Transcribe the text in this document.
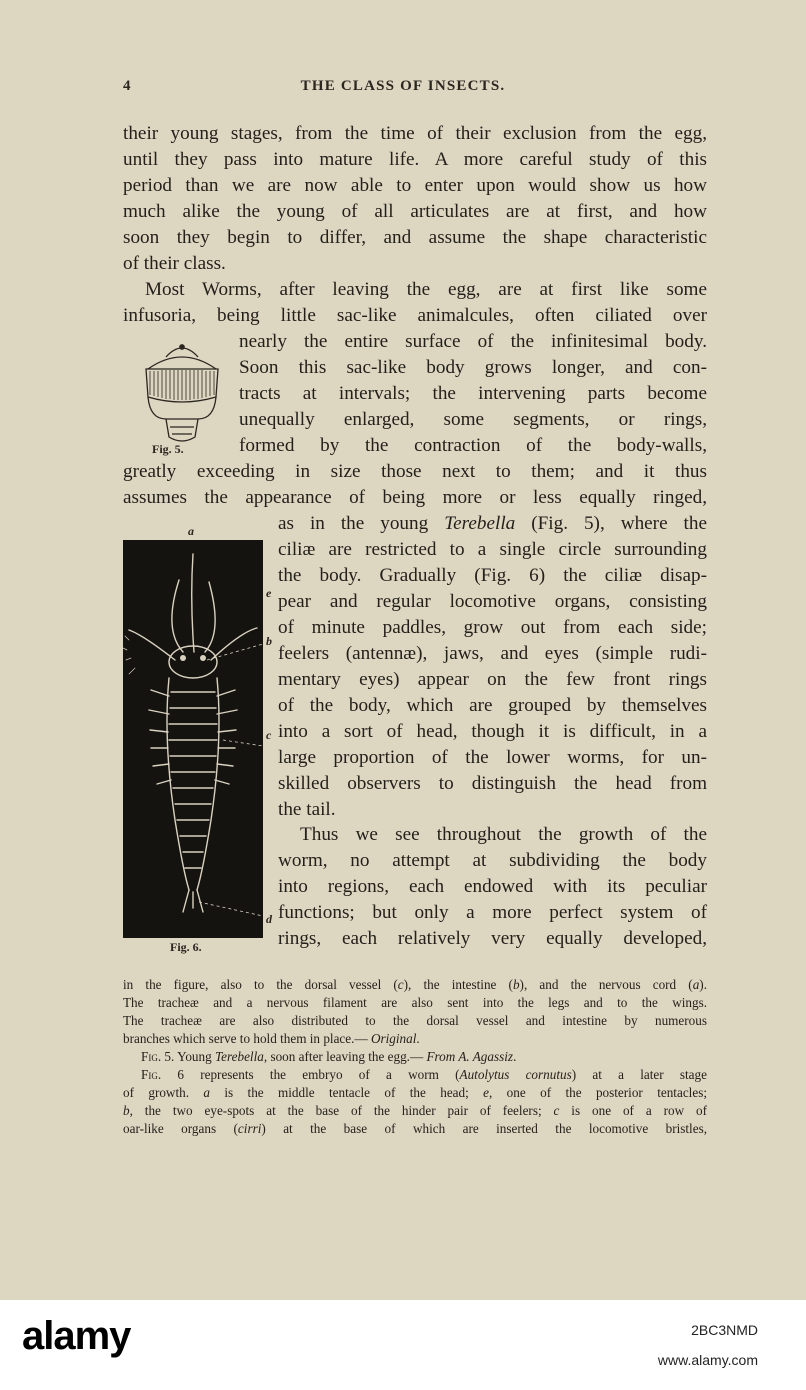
4	THE CLASS OF INSECTS.
their young stages, from the time of their exclusion from the egg,
until they pass into mature life. A more careful study of this
period than we are now able to enter upon would show us how
much alike the young of all articulates are at first, and how
soon they begin to differ, and assume the shape characteristic
of their class.
Most Worms, after leaving the egg, are at first like some
infusoria, being little sac-like animalcules, often ciliated over
nearly the entire surface of the infinitesimal body.
Soon this sac-like body grows longer, and con-
tracts at intervals; the intervening parts become
unequally enlarged, some segments, or rings,
formed by the contraction of the body-walls,
greatly exceeding in size those next to them; and it thus
assumes the appearance of being more or less equally ringed,
as in the young Terebella (Fig. 5), where the
ciliæ are restricted to a single circle surrounding
the body. Gradually (Fig. 6) the ciliæ disap-
pear and regular locomotive organs, consisting
of minute paddles, grow out from each side;
feelers (antennæ), jaws, and eyes (simple rudi-
mentary eyes) appear on the few front rings
of the body, which are grouped by themselves
into a sort of head, though it is difficult, in a
large proportion of the lower worms, for un-
skilled observers to distinguish the head from
the tail.
Thus we see throughout the growth of the
worm, no attempt at subdividing the body
into regions, each endowed with its peculiar
functions; but only a more perfect system of
rings, each relatively very equally developed,
Fig. 5.
a
e
b
c
d
Fig. 6.
in the figure, also to the dorsal vessel (c), the intestine (b), and the nervous cord (a).
The tracheæ and a nervous filament are also sent into the legs and to the wings.
The tracheæ are also distributed to the dorsal vessel and intestine by numerous
branches which serve to hold them in place.— Original.
Fig. 5. Young Terebella, soon after leaving the egg.— From A. Agassiz.
Fig. 6 represents the embryo of a worm (Autolytus cornutus) at a later stage
of growth. a is the middle tentacle of the head; e, one of the posterior tentacles;
b, the two eye-spots at the base of the hinder pair of feelers; c is one of a row of
oar-like organs (cirri) at the base of which are inserted the locomotive bristles,
alamy	2BC3NMD
www.alamy.com
